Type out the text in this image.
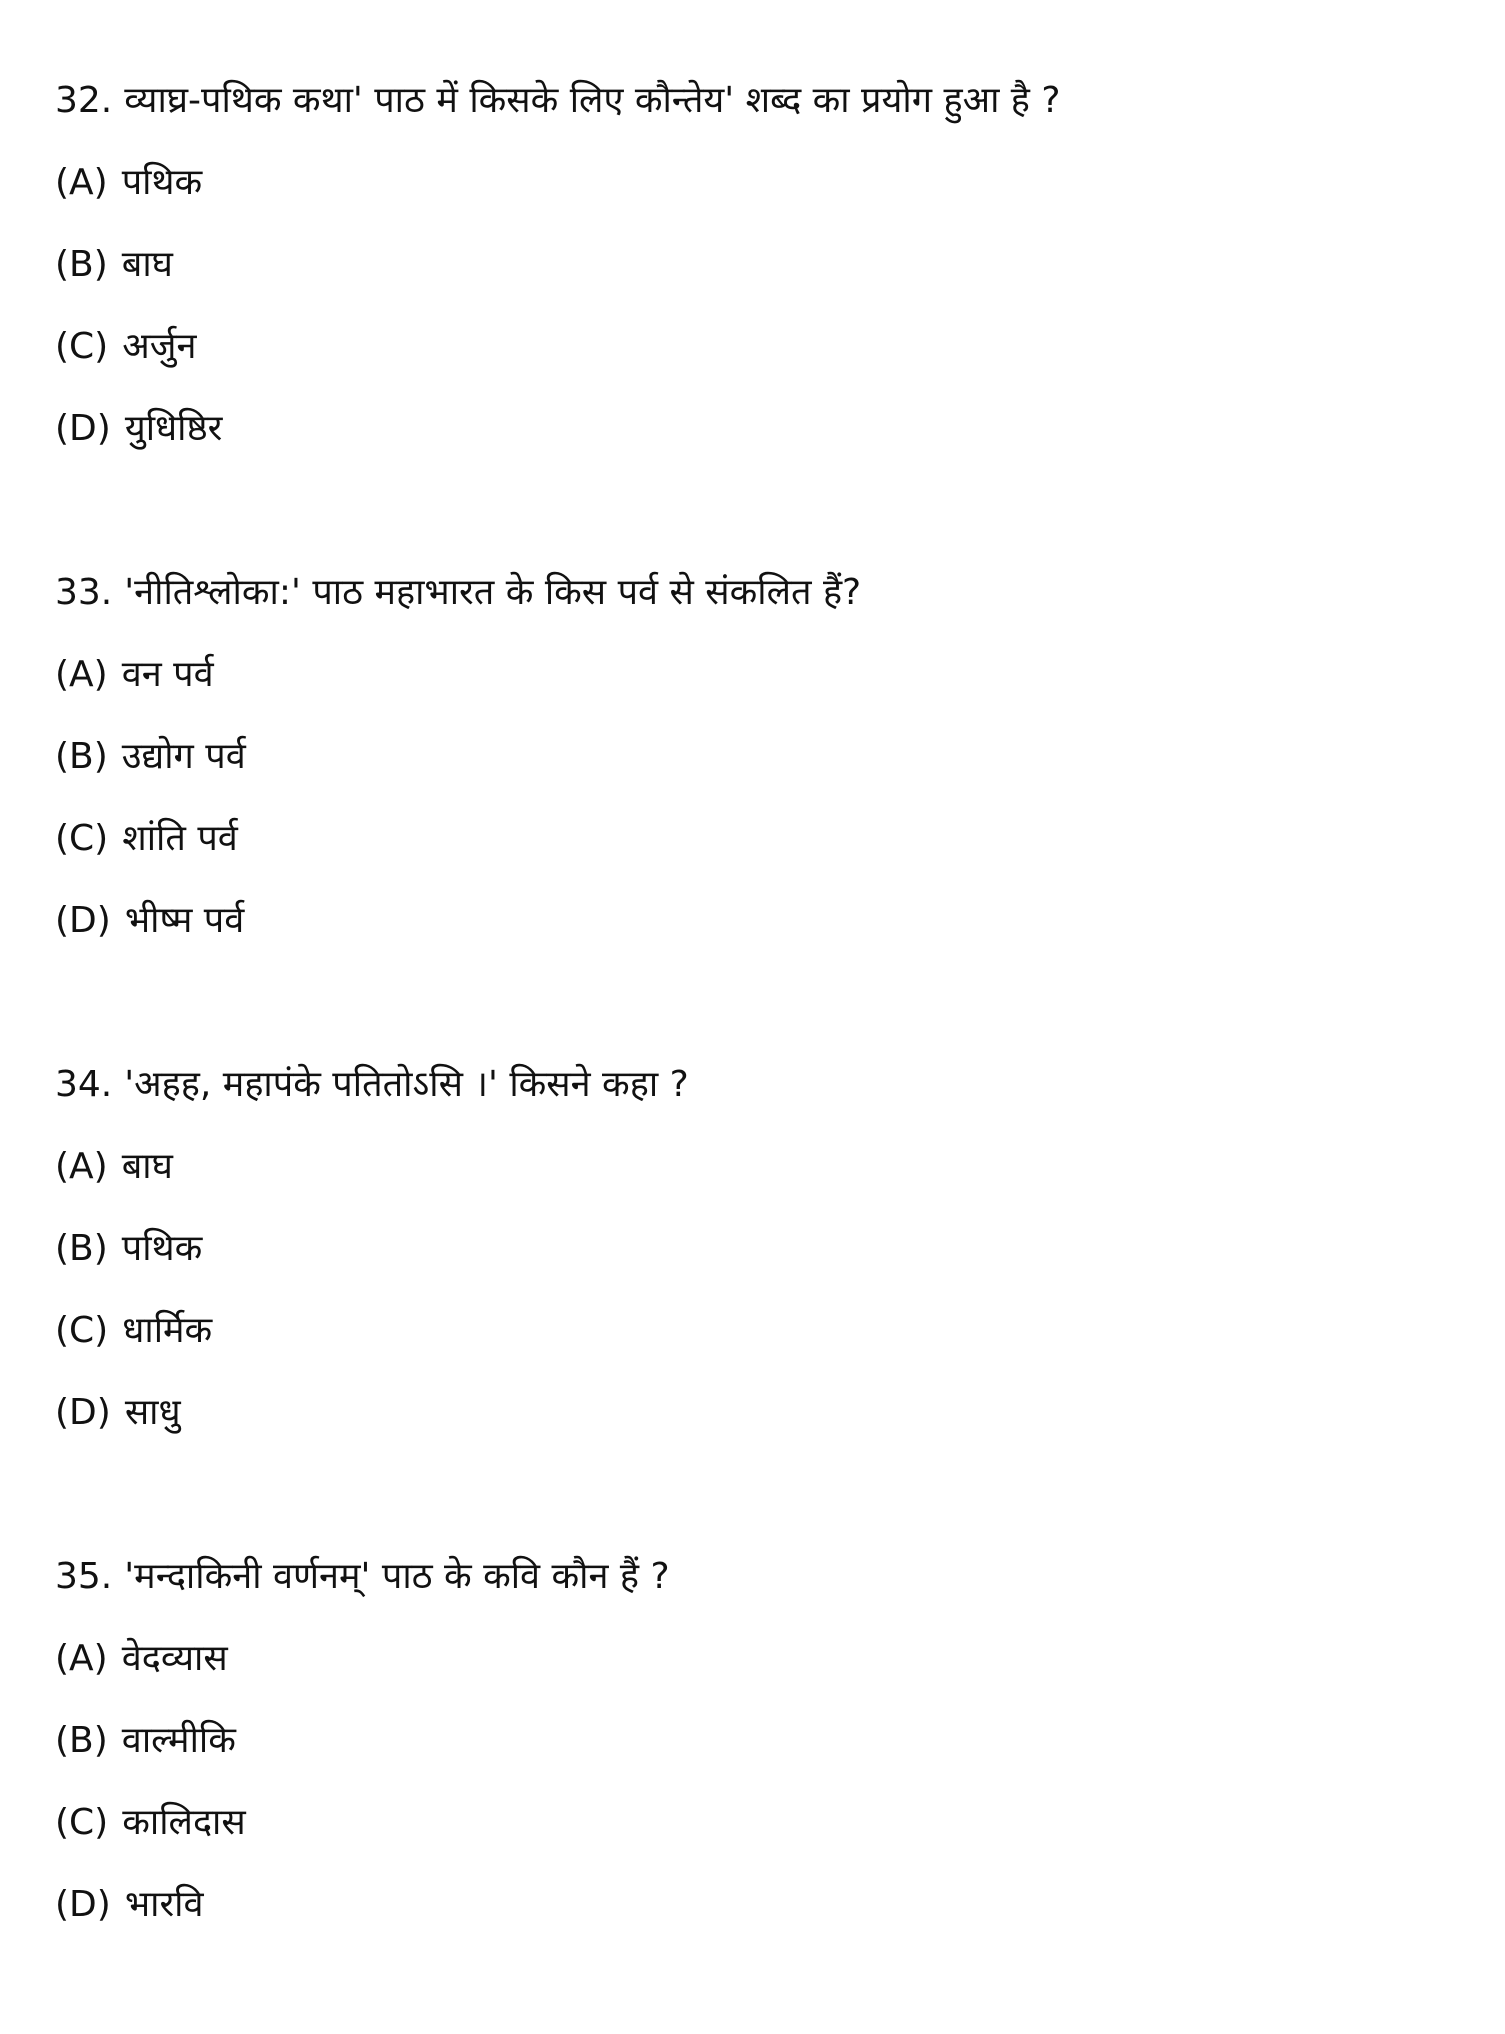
32. व्याघ्र-पथिक कथा' पाठ में किसके लिए कौन्तेय' शब्द का प्रयोग हुआ है ?
(A) पथिक
(B) बाघ
(C) अर्जुन
(D) युधिष्ठिर
33. 'नीतिश्लोका:' पाठ महाभारत के किस पर्व से संकलित हैं?
(A) वन पर्व
(B) उद्योग पर्व
(C) शांति पर्व
(D) भीष्म पर्व
34. 'अहह, महापंके पतितोऽसि ।' किसने कहा ?
(A) बाघ
(B) पथिक
(C) धार्मिक
(D) साधु
35. 'मन्दाकिनी वर्णनम्' पाठ के कवि कौन हैं ?
(A) वेदव्यास
(B) वाल्मीकि
(C) कालिदास
(D) भारवि
